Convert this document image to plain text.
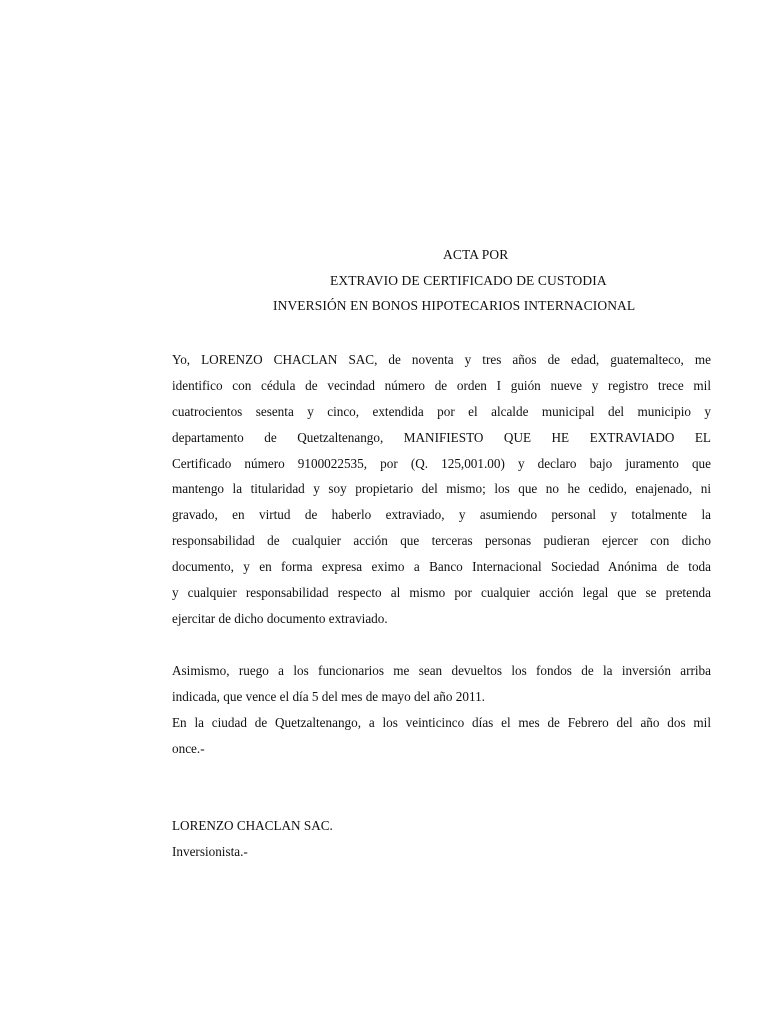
ACTA POR
EXTRAVIO DE CERTIFICADO DE CUSTODIA
INVERSIÓN EN BONOS HIPOTECARIOS INTERNACIONAL
Yo, LORENZO CHACLAN SAC, de noventa y tres años de edad, guatemalteco, me
identifico con cédula de vecindad número de orden I guión nueve y registro trece mil
cuatrocientos sesenta y cinco, extendida por el alcalde municipal del municipio y
departamento de Quetzaltenango, MANIFIESTO QUE HE EXTRAVIADO EL
Certificado número 9100022535, por (Q. 125,001.00) y declaro bajo juramento que
mantengo la titularidad y soy propietario del mismo; los que no he cedido, enajenado, ni
gravado, en virtud de haberlo extraviado, y asumiendo personal y totalmente la
responsabilidad de cualquier acción que terceras personas pudieran ejercer con dicho
documento, y en forma expresa eximo a Banco Internacional Sociedad Anónima de toda
y cualquier responsabilidad respecto al mismo por cualquier acción legal que se pretenda
ejercitar de dicho documento extraviado.
Asimismo, ruego a los funcionarios me sean devueltos los fondos de la inversión arriba
indicada, que vence el día 5 del mes de mayo del año 2011.
En la ciudad de Quetzaltenango, a los veinticinco días el mes de Febrero del año dos mil
once.-
LORENZO CHACLAN SAC.
Inversionista.-
